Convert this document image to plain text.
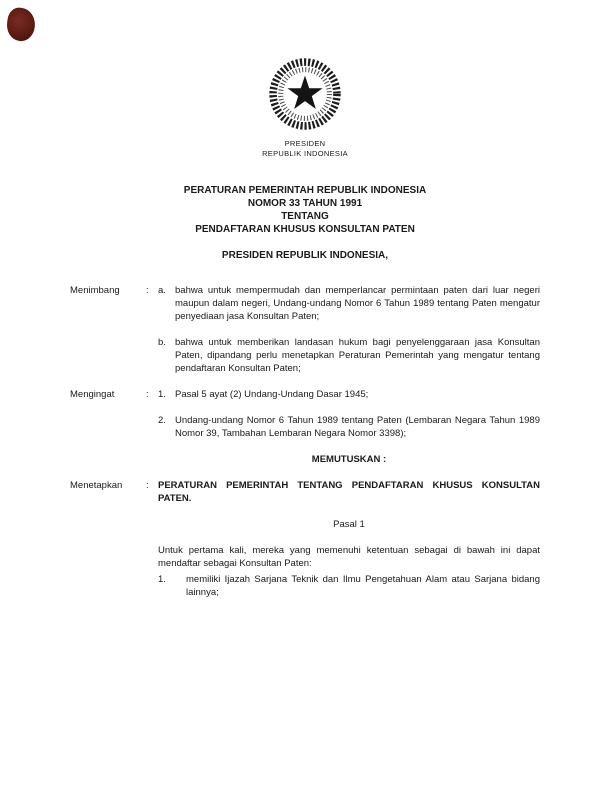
PRESIDEN
REPUBLIK INDONESIA
PERATURAN PEMERINTAH REPUBLIK INDONESIA
NOMOR 33 TAHUN 1991
TENTANG
PENDAFTARAN KHUSUS KONSULTAN PATEN
PRESIDEN REPUBLIK INDONESIA,
Menimbang	: a. bahwa untuk mempermudah dan memperlancar permintaan paten dari luar negeri maupun dalam negeri, Undang-undang Nomor 6 Tahun 1989 tentang Paten mengatur penyediaan jasa Konsultan Paten;
b. bahwa untuk memberikan landasan hukum bagi penyelenggaraan jasa Konsultan Paten, dipandang perlu menetapkan Peraturan Pemerintah yang mengatur tentang pendaftaran Konsultan Paten;
Mengingat	: 1. Pasal 5 ayat (2) Undang-Undang Dasar 1945;
2. Undang-undang Nomor 6 Tahun 1989 tentang Paten (Lembaran Negara Tahun 1989 Nomor 39, Tambahan Lembaran Negara Nomor 3398);
MEMUTUSKAN :
Menetapkan	: PERATURAN PEMERINTAH TENTANG PENDAFTARAN KHUSUS KONSULTAN PATEN.
Pasal 1
Untuk pertama kali, mereka yang memenuhi ketentuan sebagai di bawah ini dapat mendaftar sebagai Konsultan Paten:
1.	memiliki Ijazah Sarjana Teknik dan Ilmu Pengetahuan Alam atau Sarjana bidang lainnya;
